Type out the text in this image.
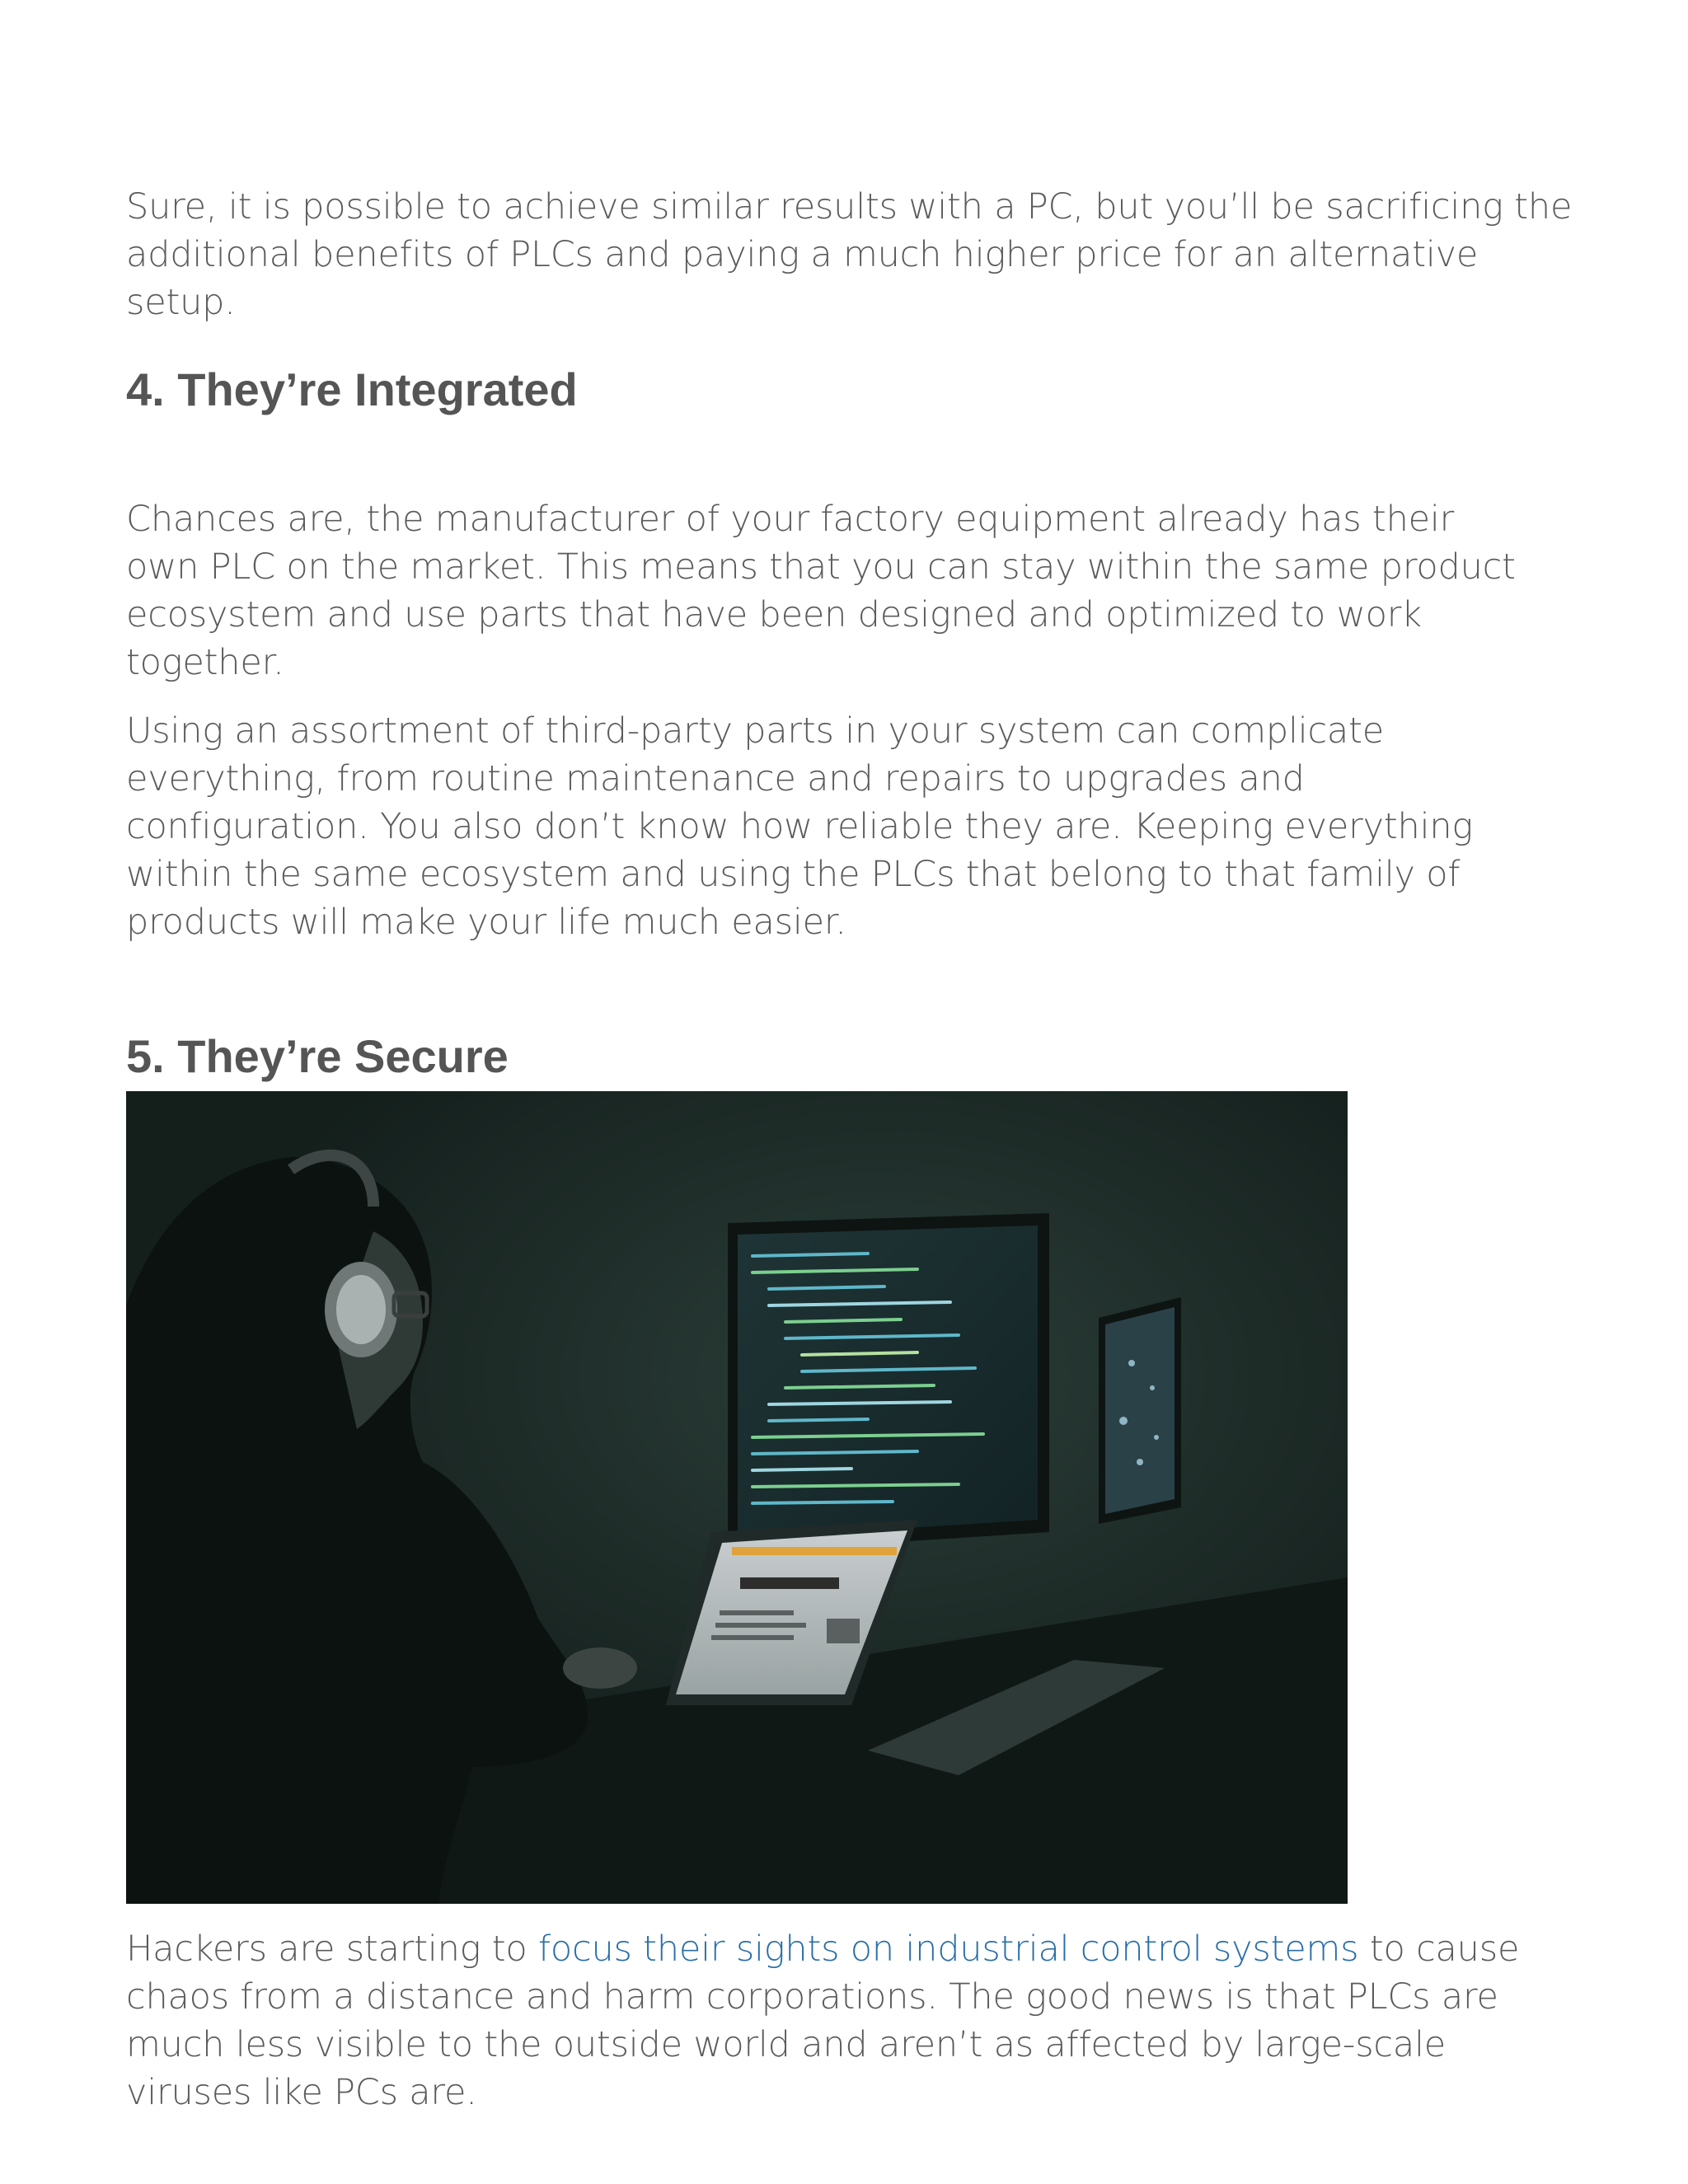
Sure, it is possible to achieve similar results with a PC, but you’ll be sacrificing the additional benefits of PLCs and paying a much higher price for an alternative setup.

4. They’re Integrated

Chances are, the manufacturer of your factory equipment already has their own PLC on the market. This means that you can stay within the same product ecosystem and use parts that have been designed and optimized to work together.

Using an assortment of third-party parts in your system can complicate everything, from routine maintenance and repairs to upgrades and configuration. You also don’t know how reliable they are. Keeping everything within the same ecosystem and using the PLCs that belong to that family of products will make your life much easier.

5. They’re Secure

Hackers are starting to focus their sights on industrial control systems to cause chaos from a distance and harm corporations. The good news is that PLCs are much less visible to the outside world and aren’t as affected by large-scale viruses like PCs are.
